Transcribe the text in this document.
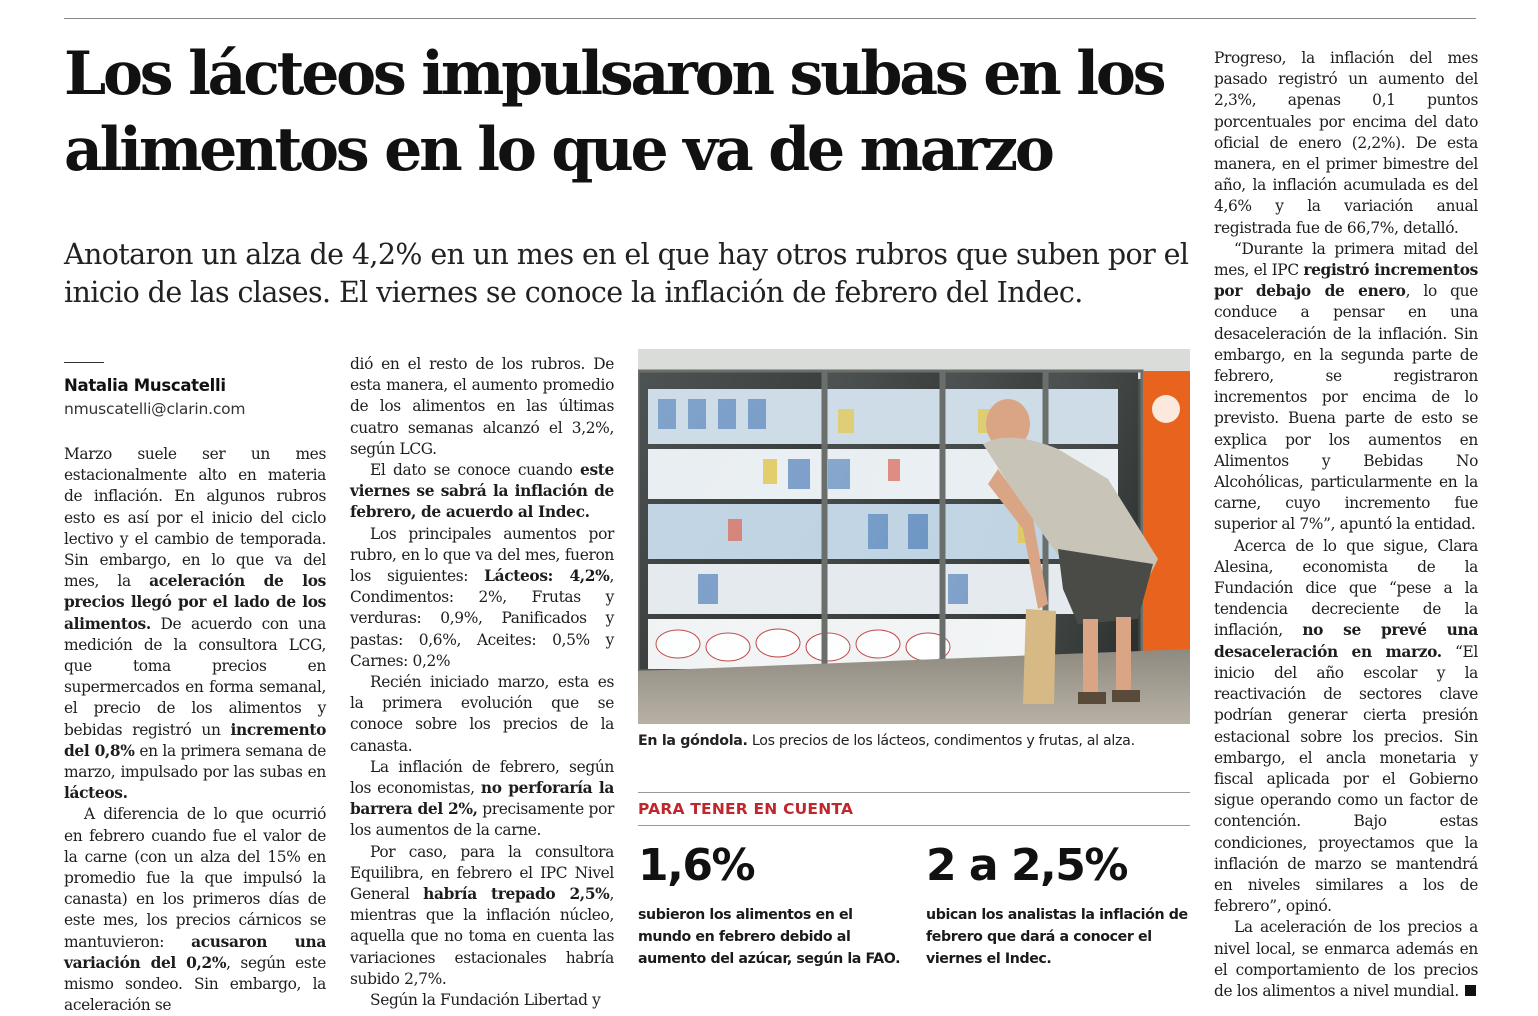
Los lácteos impulsaron subas en los alimentos en lo que va de marzo

Anotaron un alza de 4,2% en un mes en el que hay otros rubros que suben por el inicio de las clases. El viernes se conoce la inflación de febrero del Indec.

Natalia Muscatelli
nmuscatelli@clarin.com

Marzo suele ser un mes estacionalmente alto en materia de inflación. En algunos rubros esto es así por el inicio del ciclo lectivo y el cambio de temporada. Sin embargo, en lo que va del mes, la aceleración de los precios llegó por el lado de los alimentos. De acuerdo con una medición de la consultora LCG, que toma precios en supermercados en forma semanal, el precio de los alimentos y bebidas registró un incremento del 0,8% en la primera semana de marzo, impulsado por las subas en lácteos.

A diferencia de lo que ocurrió en febrero cuando fue el valor de la carne (con un alza del 15% en promedio fue la que impulsó la canasta) en los primeros días de este mes, los precios cárnicos se mantuvieron: acusaron una variación del 0,2%, según este mismo sondeo. Sin embargo, la aceleración se

dió en el resto de los rubros. De esta manera, el aumento promedio de los alimentos en las últimas cuatro semanas alcanzó el 3,2%, según LCG.

El dato se conoce cuando este viernes se sabrá la inflación de febrero, de acuerdo al Indec.

Los principales aumentos por rubro, en lo que va del mes, fueron los siguientes: Lácteos: 4,2%, Condimentos: 2%, Frutas y verduras: 0,9%, Panificados y pastas: 0,6%, Aceites: 0,5% y Carnes: 0,2%

Recién iniciado marzo, esta es la primera evolución que se conoce sobre los precios de la canasta.

La inflación de febrero, según los economistas, no perforaría la barrera del 2%, precisamente por los aumentos de la carne.

Por caso, para la consultora Equilibra, en febrero el IPC Nivel General habría trepado 2,5%, mientras que la inflación núcleo, aquella que no toma en cuenta las variaciones estacionales habría subido 2,7%.

Según la Fundación Libertad y

En la góndola. Los precios de los lácteos, condimentos y frutas, al alza.
PARA TENER EN CUENTA
1,6%
subieron los alimentos en el mundo en febrero debido al aumento del azúcar, según la FAO.
2 a 2,5%
ubican los analistas la inflación de febrero que dará a conocer el viernes el Indec.

Progreso, la inflación del mes pasado registró un aumento del 2,3%, apenas 0,1 puntos porcentuales por encima del dato oficial de enero (2,2%). De esta manera, en el primer bimestre del año, la inflación acumulada es del 4,6% y la variación anual registrada fue de 66,7%, detalló.

“Durante la primera mitad del mes, el IPC registró incrementos por debajo de enero, lo que conduce a pensar en una desaceleración de la inflación. Sin embargo, en la segunda parte de febrero, se registraron incrementos por encima de lo previsto. Buena parte de esto se explica por los aumentos en Alimentos y Bebidas No Alcohólicas, particularmente en la carne, cuyo incremento fue superior al 7%”, apuntó la entidad.

Acerca de lo que sigue, Clara Alesina, economista de la Fundación dice que “pese a la tendencia decreciente de la inflación, no se prevé una desaceleración en marzo. “El inicio del año escolar y la reactivación de sectores clave podrían generar cierta presión estacional sobre los precios. Sin embargo, el ancla monetaria y fiscal aplicada por el Gobierno sigue operando como un factor de contención. Bajo estas condiciones, proyectamos que la inflación de marzo se mantendrá en niveles similares a los de febrero”, opinó.

La aceleración de los precios a nivel local, se enmarca además en el comportamiento de los precios de los alimentos a nivel mundial.
